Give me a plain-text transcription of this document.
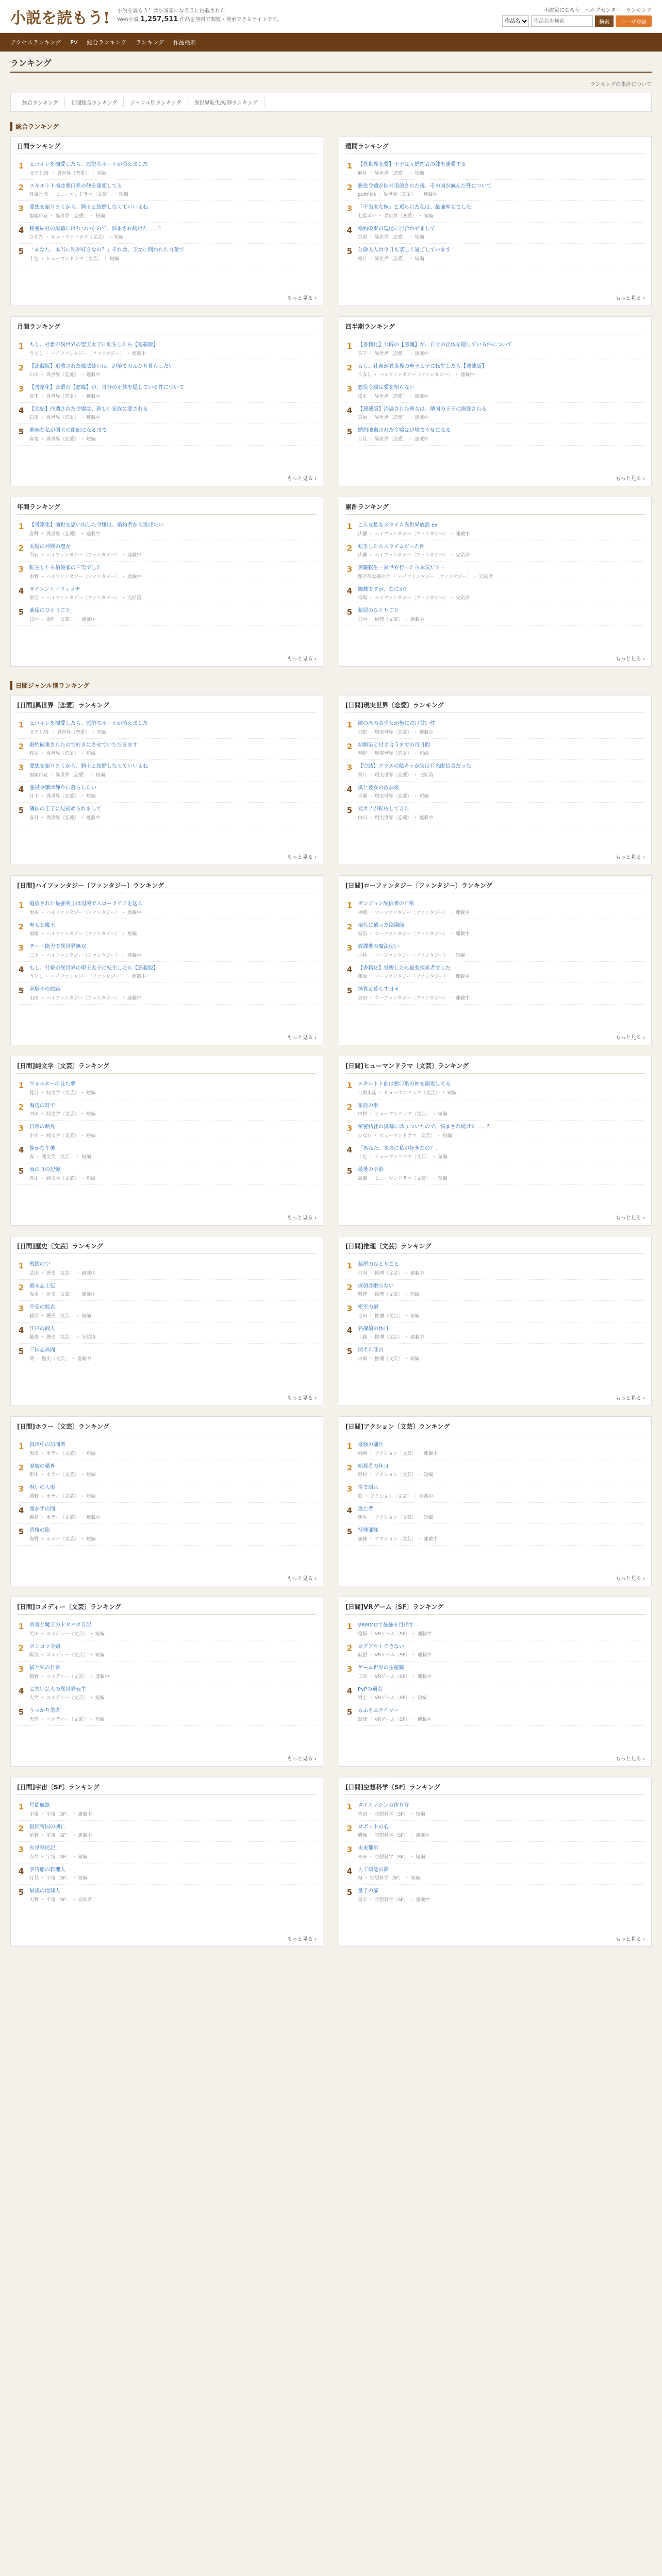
小説を読もう! 小説を読もう！は小説家になろうに掲載された
Web小説 1,257,511 作品を無料で閲覧・検索できるサイトです。
小説家になろう ヘルプセンター ランキング
作品名
作品名を検索
検索	ユーザ登録
アクセスランキング PV 総合ランキング ランキング 作品検索
ランキング
ランキングの集計について
総合ランキング	日間総合ランキング	ジャンル別ランキング	異世界転生/転移ランキング
総合ランキング
日間ランキング
1 ヒロインを溺愛したら、悪堕ちルートが消えました
ゼクト/作 ・ 異世界〔恋愛〕 ・ 短編
2 スキルトト前は悪口系の仲を溺愛してる
月風氷流 ・ ヒューマンドラマ〔文芸〕 ・ 短編
3 愛想を振りまくから、騎士と結婚しなくていいよね
福姫玲花 ・ 異世界〔恋愛〕 ・ 短編
4 秘密結社の黒幕にはりついたので、悩まされ続けた……？
ひなた ・ ヒューマンドラマ〔文芸〕 ・ 短編
5 「あなた、本当に私が好きなの？」それは、王女に問われた言葉で
十色 ・ ヒューマンドラマ〔文芸〕 ・ 短編
もっと見る ›
週間ランキング
1 【異世界恋愛】王子は元婚約者の妹を溺愛する
麻月 ・ 異世界〔恋愛〕 ・ 短編
2 悪役令嬢が国外追放された後、その国が滅んだ件について
pumikis ・ 異世界〔恋愛〕 ・ 連載中
3 「不出来な妹」と罵られた私は、最強聖女でした
七星エデ ・ 異世界〔恋愛〕 ・ 短編
4 婚約破棄の現場に居合わせまして
宮原 ・ 異世界〔恋愛〕 ・ 短編
5 公爵夫人は今日も楽しく過ごしています
桜月 ・ 異世界〔恋愛〕 ・ 短編
もっと見る ›
月間ランキング
1 もし、社畜が異世界の聖王太子に転生したら【連載版】
うなし ・ ハイファンタジー〔ファンタジー〕 ・ 連載中
2 【連載版】追放された魔法使いは、辺境でのんびり暮らしたい
石川 ・ 異世界〔恋愛〕 ・ 連載中
3 【書籍化】公爵の【悪魔】が、自分の正体を隠している件について
宮下 ・ 異世界〔恋愛〕 ・ 連載中
4 【完結】冷遇された令嬢は、新しい家族に愛される
石田 ・ 異世界〔恋愛〕 ・ 連載中
5 地味な私が国王の寵妃になるまで
春菜 ・ 異世界〔恋愛〕 ・ 短編
もっと見る ›
四半期ランキング
1 【書籍化】公爵の【悪魔】が、自分の正体を隠している件について
宮下 ・ 異世界〔恋愛〕 ・ 連載中
2 もし、社畜が異世界の聖王太子に転生したら【連載版】
うなし ・ ハイファンタジー〔ファンタジー〕 ・ 連載中
3 悪役令嬢は愛を知らない
桜木 ・ 異世界〔恋愛〕 ・ 連載中
4 【連載版】冷遇された聖女は、隣国の王子に溺愛される
宮原 ・ 異世界〔恋愛〕 ・ 連載中
5 婚約破棄された令嬢は辺境で幸せになる
月見 ・ 異世界〔恋愛〕 ・ 連載中
もっと見る ›
年間ランキング
1 【書籍化】前世を思い出した令嬢は、婚約者から逃げたい
春野 ・ 異世界〔恋愛〕 ・ 連載中
2 太陽の神殿の聖女
白石 ・ ハイファンタジー〔ファンタジー〕 ・ 連載中
3 転生したら伯爵家の三男でした
水野 ・ ハイファンタジー〔ファンタジー〕 ・ 連載中
4 サイレント・ウィッチ
依空 ・ ハイファンタジー〔ファンタジー〕 ・ 完結済
5 薬屋のひとりごと
日向 ・ 推理〔文芸〕 ・ 連載中
もっと見る ›
累計ランキング
1 こんな私をスライム異世界放浪 ex
伏瀬 ・ ハイファンタジー〔ファンタジー〕 ・ 連載中
2 転生したらスライムだった件
伏瀬 ・ ハイファンタジー〔ファンタジー〕 ・ 完結済
3 無職転生 - 異世界行ったら本気だす -
理不尽な孫の手 ・ ハイファンタジー〔ファンタジー〕 ・ 完結済
4 蜘蛛ですが、なにか？
馬場 ・ ハイファンタジー〔ファンタジー〕 ・ 完結済
5 薬屋のひとりごと
日向 ・ 推理〔文芸〕 ・ 連載中
もっと見る ›
日間ジャンル別ランキング
[日間]異世界〔恋愛〕ランキング
1 ヒロインを溺愛したら、悪堕ちルートが消えました
ゼクト/作 ・ 異世界〔恋愛〕 ・ 短編
2 婚約破棄されたので好きにさせていただきます
桜井 ・ 異世界〔恋愛〕 ・ 短編
3 愛想を振りまくから、騎士と結婚しなくていいよね
福姫玲花 ・ 異世界〔恋愛〕 ・ 短編
4 悪役令嬢は静かに暮らしたい
月下 ・ 異世界〔恋愛〕 ・ 短編
5 隣国の王子に見初められまして
麻月 ・ 異世界〔恋愛〕 ・ 連載中
もっと見る ›
[日間]現実世界〔恋愛〕ランキング
1 隣の席の美少女が俺にだけ甘い件
日野 ・ 現実世界〔恋愛〕 ・ 連載中
2 幼馴染と付き合うまでの百日間
春野 ・ 現実世界〔恋愛〕 ・ 短編
3 【完結】クラスの陰キャが実は有名配信者だった
秋月 ・ 現実世界〔恋愛〕 ・ 完結済
4 僕と彼女の放課後
水瀬 ・ 現実世界〔恋愛〕 ・ 短編
5 元カノが転校してきた
白石 ・ 現実世界〔恋愛〕 ・ 連載中
もっと見る ›
[日間]ハイファンタジー〔ファンタジー〕ランキング
1 追放された最強剣士は辺境でスローライフを送る
黒木 ・ ハイファンタジー〔ファンタジー〕 ・ 連載中
2 聖女と魔王
福姫 ・ ハイファンタジー〔ファンタジー〕 ・ 短編
3 チート能力で異世界無双
三上 ・ ハイファンタジー〔ファンタジー〕 ・ 連載中
4 もし、社畜が異世界の聖王太子に転生したら【連載版】
うなし ・ ハイファンタジー〔ファンタジー〕 ・ 連載中
5 竜騎士の旅路
山田 ・ ハイファンタジー〔ファンタジー〕 ・ 連載中
もっと見る ›
[日間]ローファンタジー〔ファンタジー〕ランキング
1 ダンジョン配信者の日常
神崎 ・ ローファンタジー〔ファンタジー〕 ・ 連載中
2 現代に蘇った陰陽師
安倍 ・ ローファンタジー〔ファンタジー〕 ・ 連載中
3 放課後の魔法使い
小林 ・ ローファンタジー〔ファンタジー〕 ・ 短編
4 【書籍化】覚醒したら最強探索者でした
藤原 ・ ローファンタジー〔ファンタジー〕 ・ 連載中
5 怪異と暮らす日々
真田 ・ ローファンタジー〔ファンタジー〕 ・ 連載中
もっと見る ›
[日間]純文学〔文芸〕ランキング
1 ウォルターの見た夢
夏目 ・ 純文学〔文芸〕 ・ 短編
2 海辺の町で
西田 ・ 純文学〔文芸〕 ・ 短編
3 日常の断片
小川 ・ 純文学〔文芸〕 ・ 短編
4 静かな午後
森 ・ 純文学〔文芸〕 ・ 短編
5 雨の日の記憶
青山 ・ 純文学〔文芸〕 ・ 短編
もっと見る ›
[日間]ヒューマンドラマ〔文芸〕ランキング
1 スキルトト前は悪口系の仲を溺愛してる
月風氷流 ・ ヒューマンドラマ〔文芸〕 ・ 短編
2 家族の形
中村 ・ ヒューマンドラマ〔文芸〕 ・ 短編
3 秘密結社の黒幕にはりついたので、悩まされ続けた……？
ひなた ・ ヒューマンドラマ〔文芸〕 ・ 短編
4 「あなた、本当に私が好きなの？」
十色 ・ ヒューマンドラマ〔文芸〕 ・ 短編
5 最後の手紙
高橋 ・ ヒューマンドラマ〔文芸〕 ・ 短編
もっと見る ›
[日間]歴史〔文芸〕ランキング
1 戦国の空
武田 ・ 歴史〔文芸〕 ・ 連載中
2 幕末志士伝
坂本 ・ 歴史〔文芸〕 ・ 連載中
3 平安の姫君
藤原 ・ 歴史〔文芸〕 ・ 短編
4 江戸の商人
越後 ・ 歴史〔文芸〕 ・ 完結済
5 三国志異聞
関 ・ 歴史〔文芸〕 ・ 連載中
もっと見る ›
[日間]推理〔文芸〕ランキング
1 薬屋のひとりごと
日向 ・ 推理〔文芸〕 ・ 連載中
2 探偵は眠らない
明智 ・ 推理〔文芸〕 ・ 短編
3 密室の謎
金田 ・ 推理〔文芸〕 ・ 短編
4 名探偵の休日
工藤 ・ 推理〔文芸〕 ・ 連載中
5 消えた証言
古畑 ・ 推理〔文芸〕 ・ 短編
もっと見る ›
[日間]ホラー〔文芸〕ランキング
1 真夜中の訪問者
黒田 ・ ホラー〔文芸〕 ・ 短編
2 廃墟の囁き
影山 ・ ホラー〔文芸〕 ・ 短編
3 呪いの人形
闇野 ・ ホラー〔文芸〕 ・ 短編
4 開かずの間
霧島 ・ ホラー〔文芸〕 ・ 連載中
5 背後の影
夜野 ・ ホラー〔文芸〕 ・ 短編
もっと見る ›
[日間]アクション〔文芸〕ランキング
1 最強の傭兵
剣崎 ・ アクション〔文芸〕 ・ 連載中
2 暗殺者の休日
影村 ・ アクション〔文芸〕 ・ 短編
3 拳で語れ
鉄 ・ アクション〔文芸〕 ・ 連載中
4 逃亡者
速水 ・ アクション〔文芸〕 ・ 短編
5 特殊部隊
加藤 ・ アクション〔文芸〕 ・ 連載中
もっと見る ›
[日間]コメディー〔文芸〕ランキング
1 勇者と魔王のドタバタ日記
笑田 ・ コメディー〔文芸〕 ・ 短編
2 ポンコツ令嬢
陽気 ・ コメディー〔文芸〕 ・ 短編
3 猫と私の日常
猫野 ・ コメディー〔文芸〕 ・ 連載中
4 お笑い芸人の異世界転生
大笑 ・ コメディー〔文芸〕 ・ 短編
5 うっかり勇者
天然 ・ コメディー〔文芸〕 ・ 短編
もっと見る ›
[日間]VRゲーム〔SF〕ランキング
1 VRMMOで最強を目指す
電脳 ・ VRゲーム〔SF〕 ・ 連載中
2 ログアウトできない
仮想 ・ VRゲーム〔SF〕 ・ 連載中
3 ゲーム世界の生産職
工房 ・ VRゲーム〔SF〕 ・ 連載中
4 PvPの覇者
戦士 ・ VRゲーム〔SF〕 ・ 短編
5 もふもふテイマー
獣使 ・ VRゲーム〔SF〕 ・ 連載中
もっと見る ›
[日間]宇宙〔SF〕ランキング
1 星間航路
宇宙 ・ 宇宙〔SF〕 ・ 連載中
2 銀河帝国の興亡
星野 ・ 宇宙〔SF〕 ・ 連載中
3 火星移民記
赤井 ・ 宇宙〔SF〕 ・ 短編
4 宇宙船の料理人
月見 ・ 宇宙〔SF〕 ・ 短編
5 最後の地球人
天野 ・ 宇宙〔SF〕 ・ 完結済
もっと見る ›
[日間]空想科学〔SF〕ランキング
1 タイムマシンの作り方
時田 ・ 空想科学〔SF〕 ・ 短編
2 ロボットの心
機械 ・ 空想科学〔SF〕 ・ 連載中
3 未来都市
未来 ・ 空想科学〔SF〕 ・ 短編
4 人工知能の夢
AI ・ 空想科学〔SF〕 ・ 短編
5 量子の扉
量子 ・ 空想科学〔SF〕 ・ 連載中
もっと見る ›
